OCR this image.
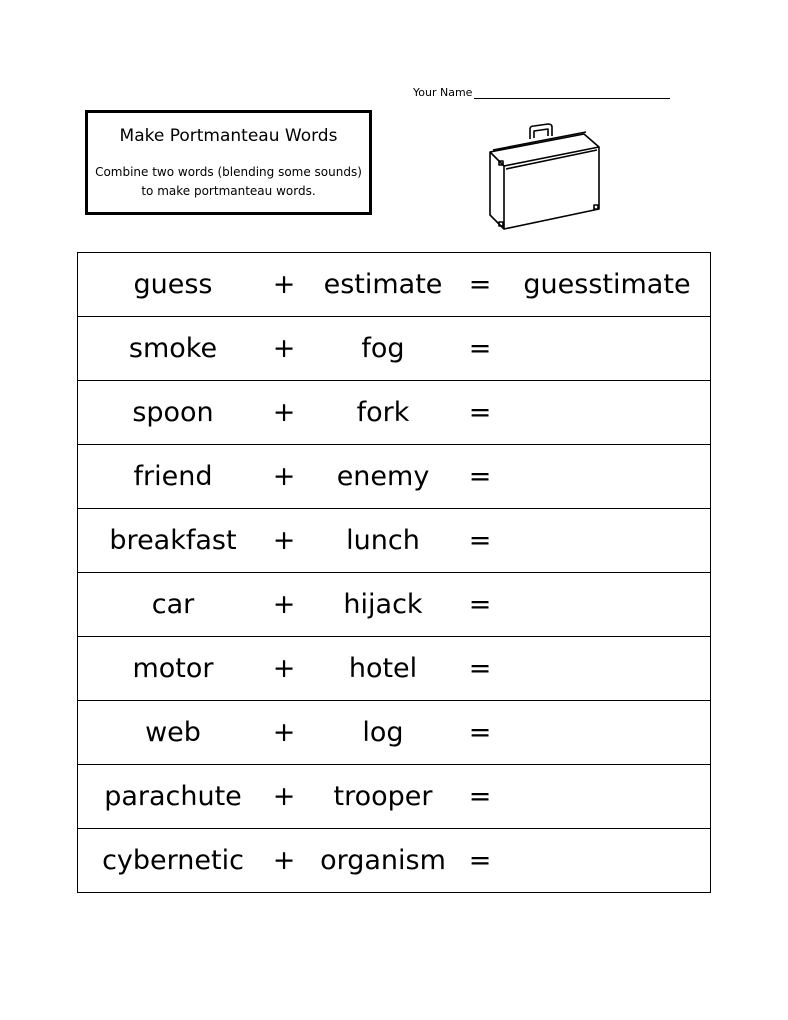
Your Name
Make Portmanteau Words
Combine two words (blending some sounds)
to make portmanteau words.
guess	+	estimate =	guesstimate
smoke	+	fog	=
spoon	+	fork	=
friend	+	enemy	=
breakfast	+	lunch	=
car	+	hijack	=
motor	+	hotel	=
web	+	log	=
parachute	+	trooper	=
cybernetic	+ organism =
